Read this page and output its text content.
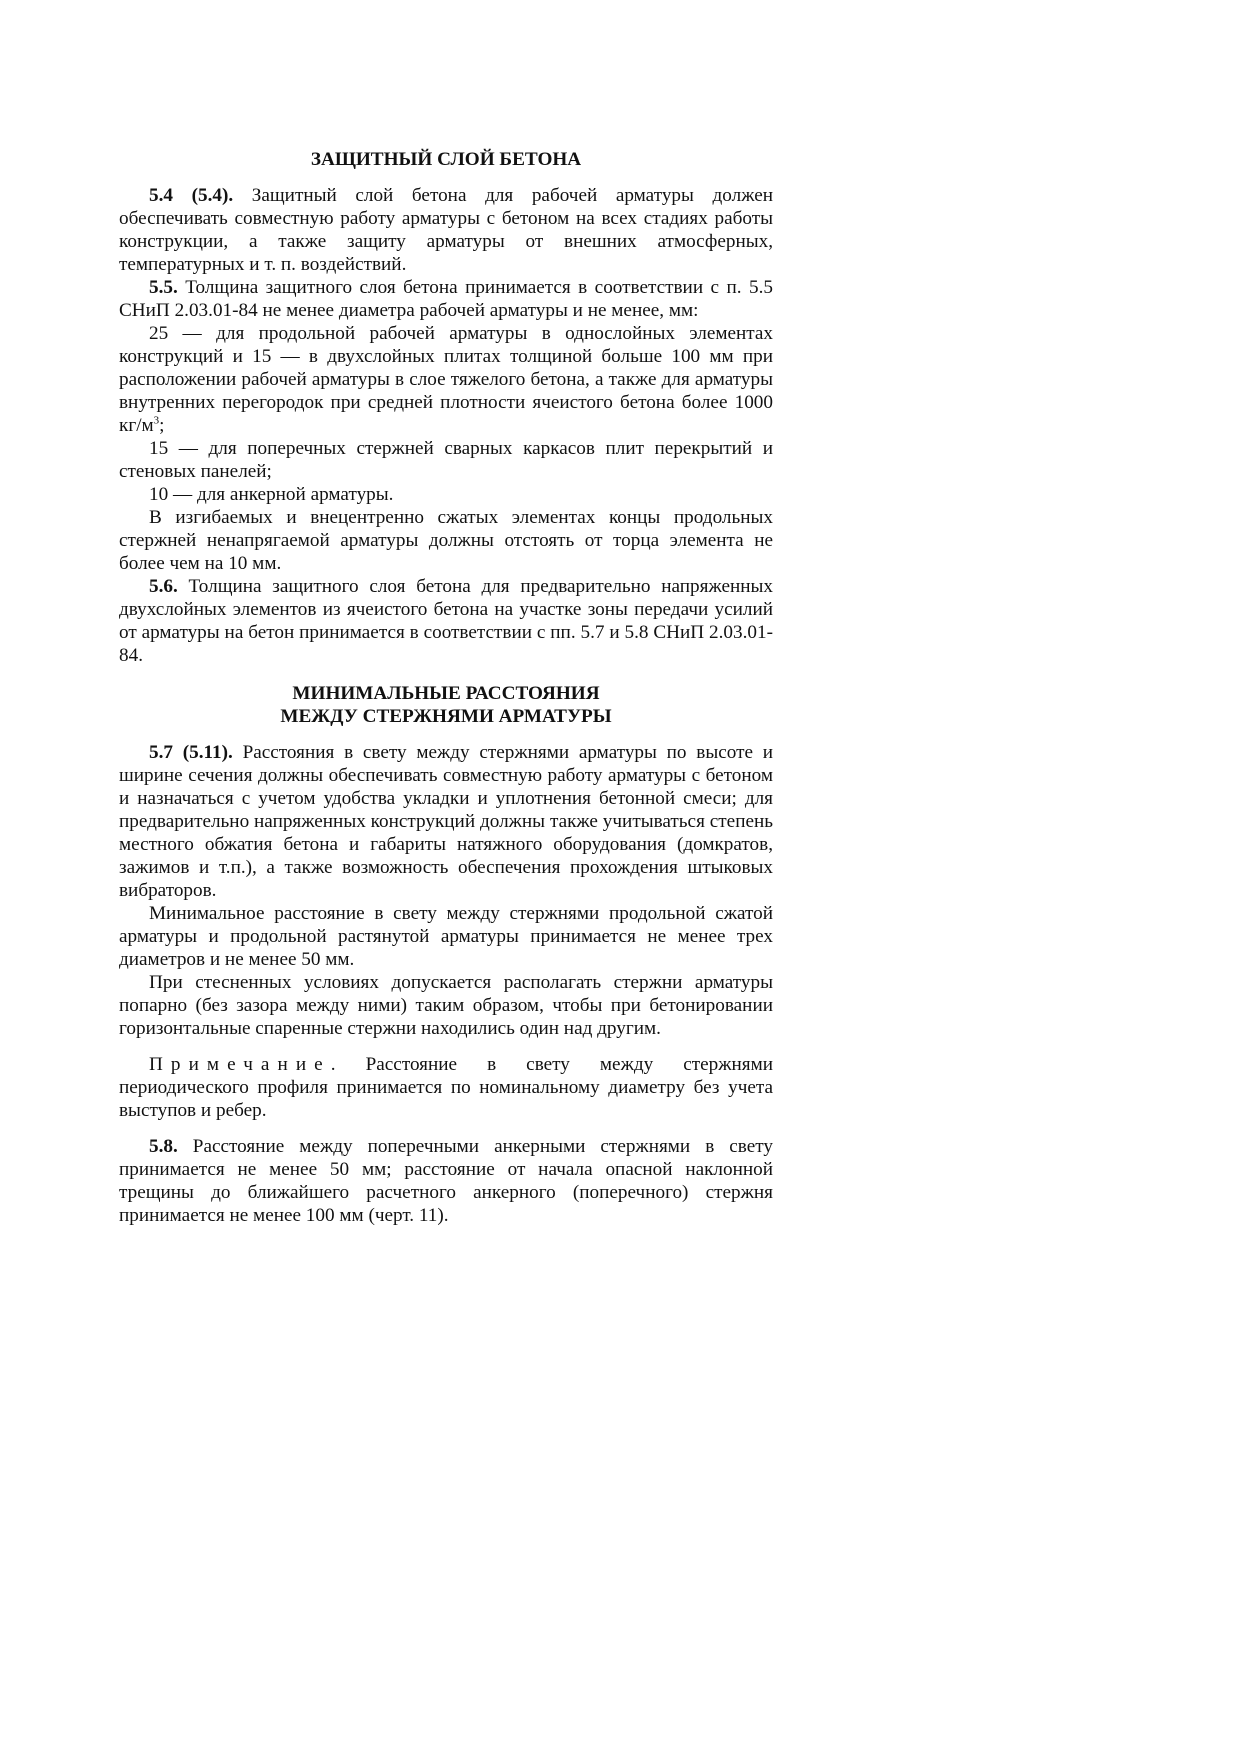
ЗАЩИТНЫЙ СЛОЙ БЕТОНА

5.4 (5.4). Защитный слой бетона для рабочей арматуры должен обеспечивать совместную работу арматуры с бетоном на всех стадиях работы конструкции, а также защиту арматуры от внешних атмосферных, температурных и т. п. воздействий.

5.5. Толщина защитного слоя бетона принимается в соответствии с п. 5.5 СНиП 2.03.01-84 не менее диаметра рабочей арматуры и не менее, мм:

25 — для продольной рабочей арматуры в однослойных элементах конструкций и 15 — в двухслойных плитах толщиной больше 100 мм при расположении рабочей арматуры в слое тяжелого бетона, а также для арматуры внутренних перегородок при средней плотности ячеистого бетона более 1000 $кг/м^3$;

15 — для поперечных стержней сварных каркасов плит перекрытий и стеновых панелей;

10 — для анкерной арматуры.

В изгибаемых и внецентренно сжатых элементах концы продольных стержней ненапрягаемой арматуры должны отстоять от торца элемента не более чем на 10 мм.

5.6. Толщина защитного слоя бетона для предварительно напряженных двухслойных элементов из ячеистого бетона на участке зоны передачи усилий от арматуры на бетон принимается в соответствии с пп. 5.7 и 5.8 СНиП 2.03.01-84.

МИНИМАЛЬНЫЕ РАССТОЯНИЯ
МЕЖДУ СТЕРЖНЯМИ АРМАТУРЫ

5.7 (5.11). Расстояния в свету между стержнями арматуры по высоте и ширине сечения должны обеспечивать совместную работу арматуры с бетоном и назначаться с учетом удобства укладки и уплотнения бетонной смеси; для предварительно напряженных конструкций должны также учитываться степень местного обжатия бетона и габариты натяжного оборудования (домкратов, зажимов и т.п.), а также возможность обеспечения прохождения штыковых вибраторов.

Минимальное расстояние в свету между стержнями продольной сжатой арматуры и продольной растянутой арматуры принимается не менее трех диаметров и не менее 50 мм.

При стесненных условиях допускается располагать стержни арматуры попарно (без зазора между ними) таким образом, чтобы при бетонировании горизонтальные спаренные стержни находились один над другим.

Примечание. Расстояние в свету между стержнями периодического профиля принимается по номинальному диаметру без учета выступов и ребер.

5.8. Расстояние между поперечными анкерными стержнями в свету принимается не менее 50 мм; расстояние от начала опасной наклонной трещины до ближайшего расчетного анкерного (поперечного) стержня принимается не менее 100 мм (черт. 11).
